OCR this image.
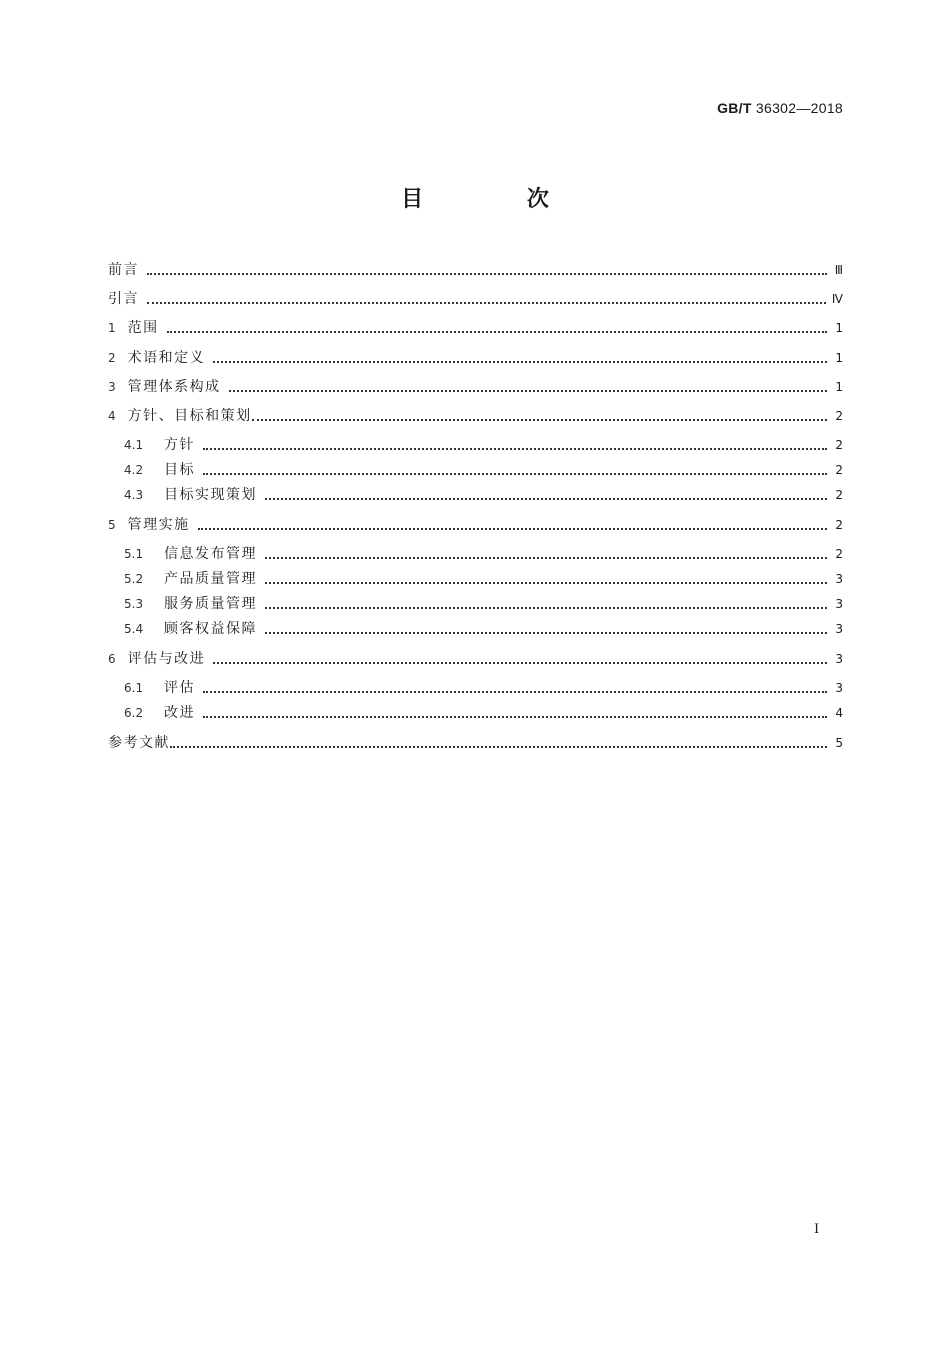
GB/T 36302—2018
目 次
前言	Ⅲ
引言	Ⅳ
1 范围	1
2 术语和定义	1
3 管理体系构成	1
4 方针、目标和策划	2
4.1	方针	2
4.2	目标	2
4.3	目标实现策划	2
5 管理实施	2
5.1	信息发布管理	2
5.2	产品质量管理	3
5.3	服务质量管理	3
5.4	顾客权益保障	3
6 评估与改进	3
6.1	评估	3
6.2	改进	4
参考文献	5
I
